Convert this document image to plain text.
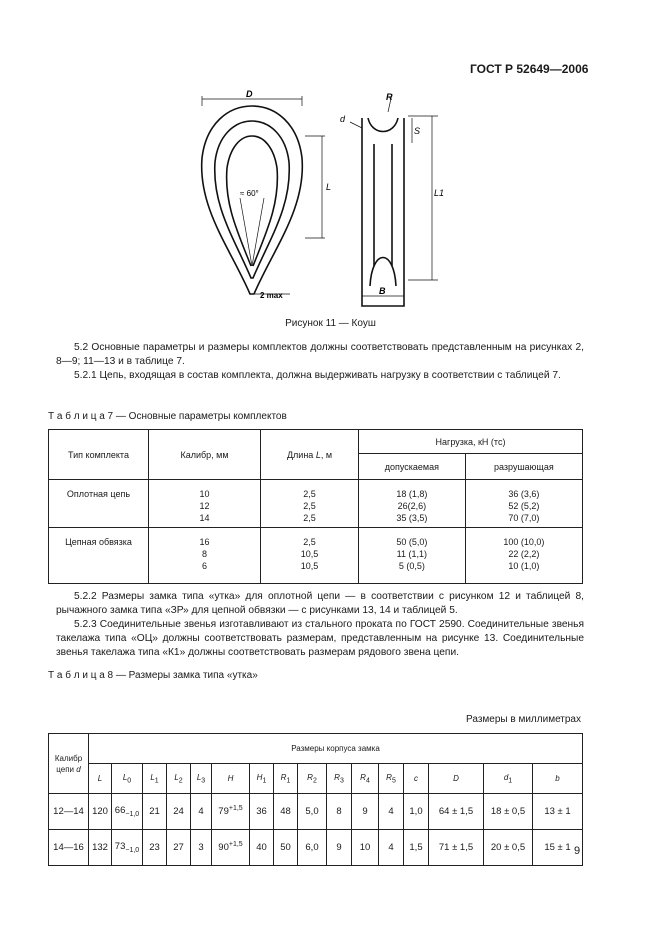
ГОСТ Р 52649—2006
D
≈ 60°
L
2 max
R
d
S
L1
B
Рисунок 11 — Коуш
5.2 Основные параметры и размеры комплектов должны соответствовать представленным на рисунках 2, 8—9; 11—13 и в таблице 7.
5.2.1 Цепь, входящая в состав комплекта, должна выдерживать нагрузку в соответствии с таблицей 7.
Т а б л и ц а 7 — Основные параметры комплектов
Тип комплекта	Калибр, мм	Длина L, м	Нагрузка, кН (тс)	
			допускаемая	разрушающая
Оплотная цепь	10
12
14	2,5
2,5
2,5	18 (1,8)
26(2,6)
35 (3,5)	36 (3,6)
52 (5,2)
70 (7,0)
Цепная обвязка	16
8
6	2,5
10,5
10,5	50 (5,0)
11 (1,1)
5 (0,5)	100 (10,0)
22 (2,2)
10 (1,0)
5.2.2 Размеры замка типа «утка» для оплотной цепи — в соответствии с рисунком 12 и таблицей 8, рычажного замка типа «ЗР» для цепной обвязки — с рисунками 13, 14 и таблицей 5.
5.2.3 Соединительные звенья изготавливают из стального проката по ГОСТ 2590. Соединительные звенья такелажа типа «ОЦ» должны соответствовать размерам, представленным на рисунке 13. Соединительные звенья такелажа типа «К1» должны соответствовать размерам рядового звена цепи.
Т а б л и ц а 8 — Размеры замка типа «утка»
Размеры в миллиметрах
Калибр
цепи d	Размеры корпуса замка															
	L	$L_0$	$L_1$	$L_2$	$L_3$	H	$H_1$	$R_1$	$R_2$	$R_3$	$R_4$	$R_5$	c	D	$d_1$	b
12—14	120	$66_{-1,0}$	21	24	4	$79^{+1,5}$	36	48	5,0	8	9	4	1,0	64 ± 1,5	18 ± 0,5	13 ± 1
14—16	132	$73_{-1,0}$	23	27	3	$90^{+1,5}$	40	50	6,0	9	10	4	1,5	71 ± 1,5	20 ± 0,5	15 ± 1 9
